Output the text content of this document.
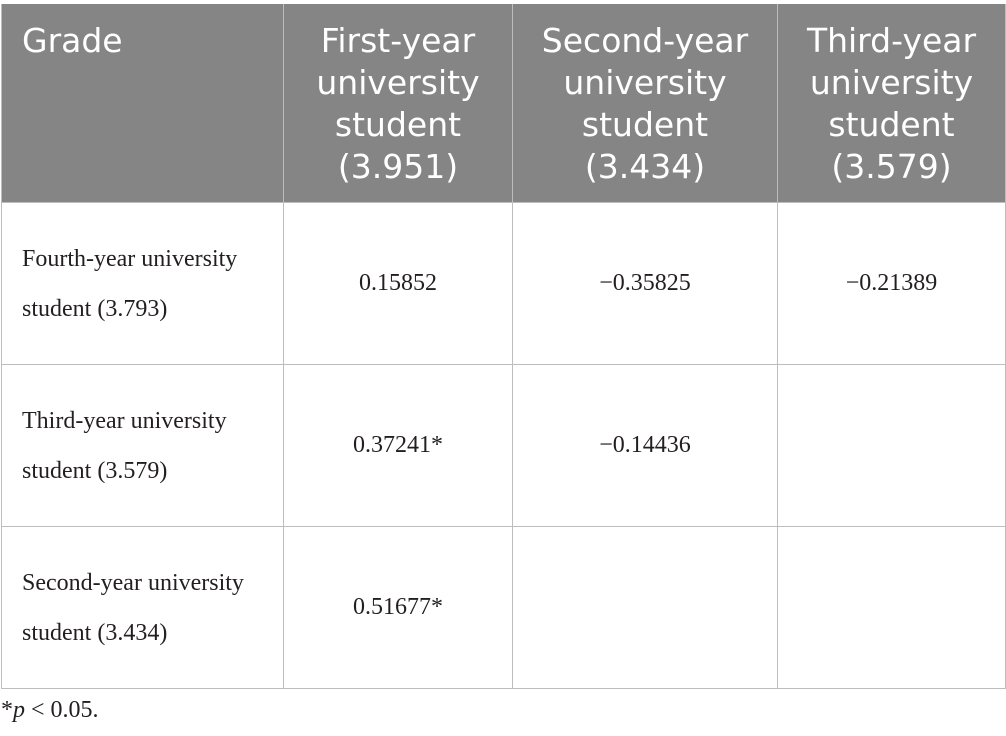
Grade	First-year university student (3.951)	Second-year university student (3.434)	Third-year university student (3.579)
Fourth-year university student (3.793)	0.15852	−0.35825	−0.21389
Third-year university student (3.579)	0.37241*	−0.14436	
Second-year university student (3.434)	0.51677*		
*p < 0.05.
